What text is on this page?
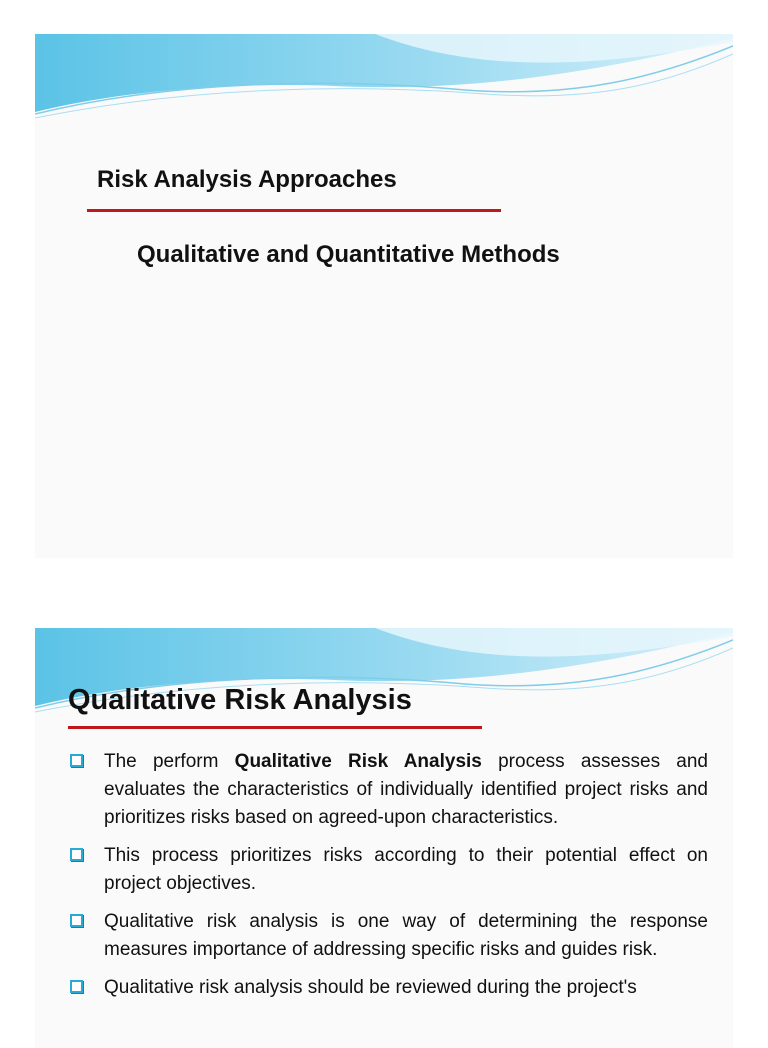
Risk Analysis Approaches
Qualitative and Quantitative Methods
Qualitative Risk Analysis
The perform Qualitative Risk Analysis process assesses and evaluates the characteristics of individually identified project risks and prioritizes risks based on agreed-upon characteristics.
This process prioritizes risks according to their potential effect on project objectives.
Qualitative risk analysis is one way of determining the response measures importance of addressing specific risks and guides risk.
Qualitative risk analysis should be reviewed during the project's
